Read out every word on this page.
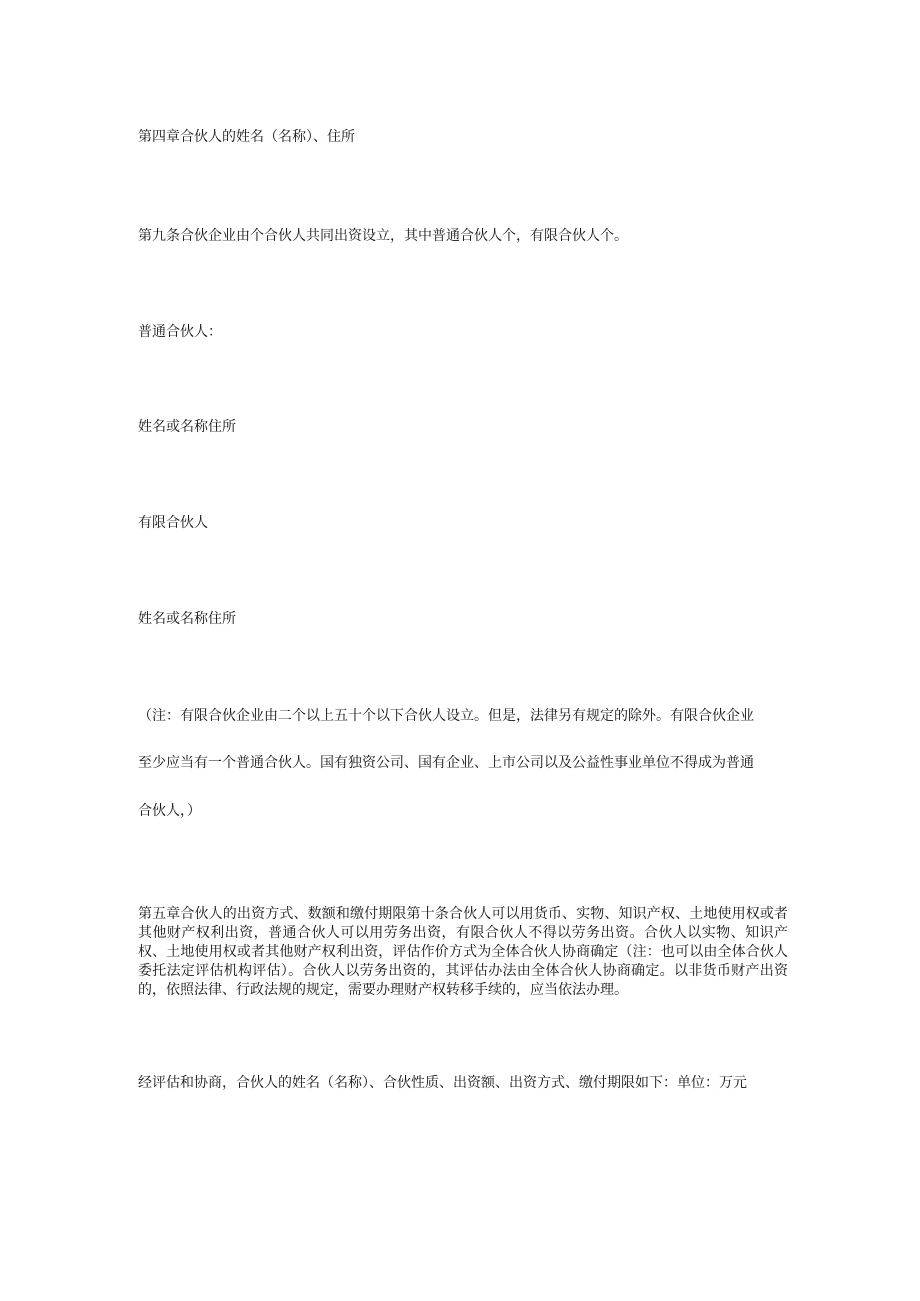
第四章合伙人的姓名（名称）、住所
第九条合伙企业由个合伙人共同出资设立，其中普通合伙人个，有限合伙人个。
普通合伙人：
姓名或名称住所
有限合伙人
姓名或名称住所
（注：有限合伙企业由二个以上五十个以下合伙人设立。但是，法律另有规定的除外。有限合伙企业
至少应当有一个普通合伙人。国有独资公司、国有企业、上市公司以及公益性事业单位不得成为普通
合伙人，）
第五章合伙人的出资方式、数额和缴付期限第十条合伙人可以用货币、实物、知识产权、土地使用权或者其他财产权利出资，普通合伙人可以用劳务出资，有限合伙人不得以劳务出资。合伙人以实物、知识产权、土地使用权或者其他财产权利出资，评估作价方式为全体合伙人协商确定（注：也可以由全体合伙人委托法定评估机构评估）。合伙人以劳务出资的，其评估办法由全体合伙人协商确定。以非货币财产出资的，依照法律、行政法规的规定，需要办理财产权转移手续的，应当依法办理。
经评估和协商，合伙人的姓名（名称）、合伙性质、出资额、出资方式、缴付期限如下：单位：万元
